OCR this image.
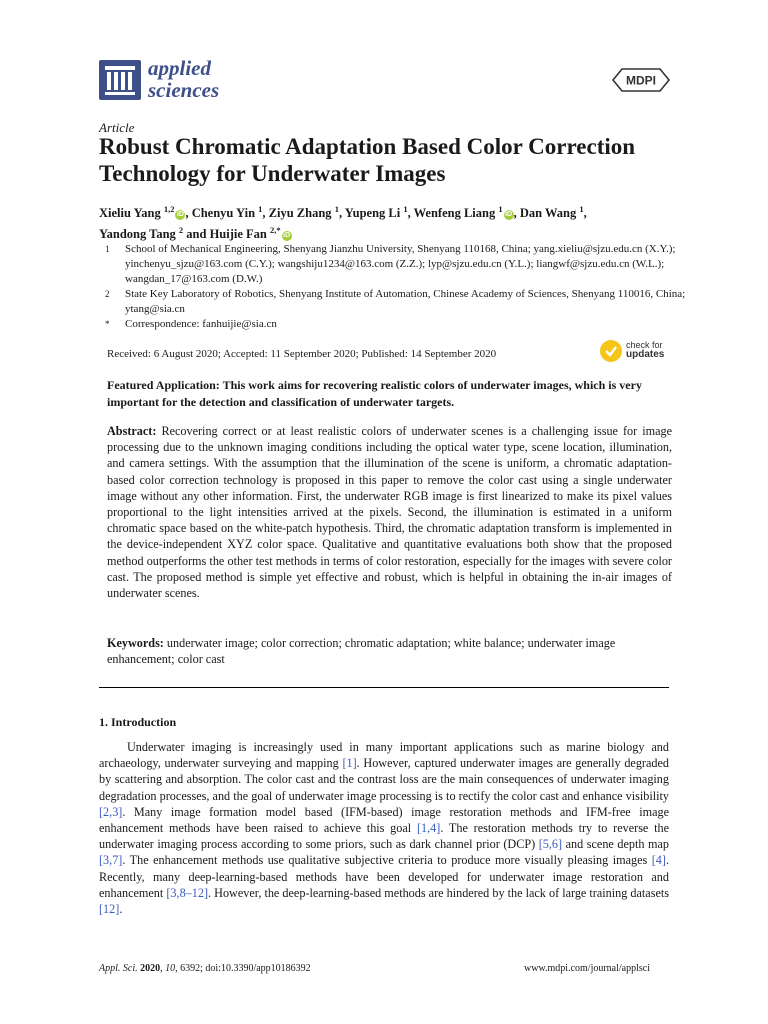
applied
sciences	MDPI
Article
Robust Chromatic Adaptation Based Color Correction Technology for Underwater Images
Xieliu Yang $^{1,2}$iD , Chenyu Yin $^1$, Ziyu Zhang $^1$, Yupeng Li $^1$, Wenfeng Liang $^1$iD , Dan Wang $^1$,
Yandong Tang $^2$ and Huijie Fan $^{2,*}$iD
1	School of Mechanical Engineering, Shenyang Jianzhu University, Shenyang 110168, China; yang.xieliu@sjzu.edu.cn (X.Y.); yinchenyu_sjzu@163.com (C.Y.); wangshiju1234@163.com (Z.Z.); lyp@sjzu.edu.cn (Y.L.); liangwf@sjzu.edu.cn (W.L.); wangdan_17@163.com (D.W.)
2	State Key Laboratory of Robotics, Shenyang Institute of Automation, Chinese Academy of Sciences, Shenyang 110016, China; ytang@sia.cn
*	Correspondence: fanhuijie@sia.cn
Received: 6 August 2020; Accepted: 11 September 2020; Published: 14 September 2020
check for
updates
Featured Application: This work aims for recovering realistic colors of underwater images, which is very important for the detection and classification of underwater targets.
Abstract: Recovering correct or at least realistic colors of underwater scenes is a challenging issue for image processing due to the unknown imaging conditions including the optical water type, scene location, illumination, and camera settings. With the assumption that the illumination of the scene is uniform, a chromatic adaptation-based color correction technology is proposed in this paper to remove the color cast using a single underwater image without any other information. First, the underwater RGB image is first linearized to make its pixel values proportional to the light intensities arrived at the pixels. Second, the illumination is estimated in a uniform chromatic space based on the white-patch hypothesis. Third, the chromatic adaptation transform is implemented in the device-independent XYZ color space. Qualitative and quantitative evaluations both show that the proposed method outperforms the other test methods in terms of color restoration, especially for the images with severe color cast. The proposed method is simple yet effective and robust, which is helpful in obtaining the in-air images of underwater scenes.
Keywords: underwater image; color correction; chromatic adaptation; white balance; underwater image enhancement; color cast
1. Introduction
Underwater imaging is increasingly used in many important applications such as marine biology and archaeology, underwater surveying and mapping [1]. However, captured underwater images are generally degraded by scattering and absorption. The color cast and the contrast loss are the main consequences of underwater imaging degradation processes, and the goal of underwater image processing is to rectify the color cast and enhance visibility [2,3]. Many image formation model based (IFM-based) image restoration methods and IFM-free image enhancement methods have been raised to achieve this goal [1,4]. The restoration methods try to reverse the underwater imaging process according to some priors, such as dark channel prior (DCP) [5,6] and scene depth map [3,7]. The enhancement methods use qualitative subjective criteria to produce more visually pleasing images [4]. Recently, many deep-learning-based methods have been developed for underwater image restoration and enhancement [3,8–12]. However, the deep-learning-based methods are hindered by the lack of large training datasets [12].
Appl. Sci. 2020, 10, 6392; doi:10.3390/app10186392	www.mdpi.com/journal/applsci
